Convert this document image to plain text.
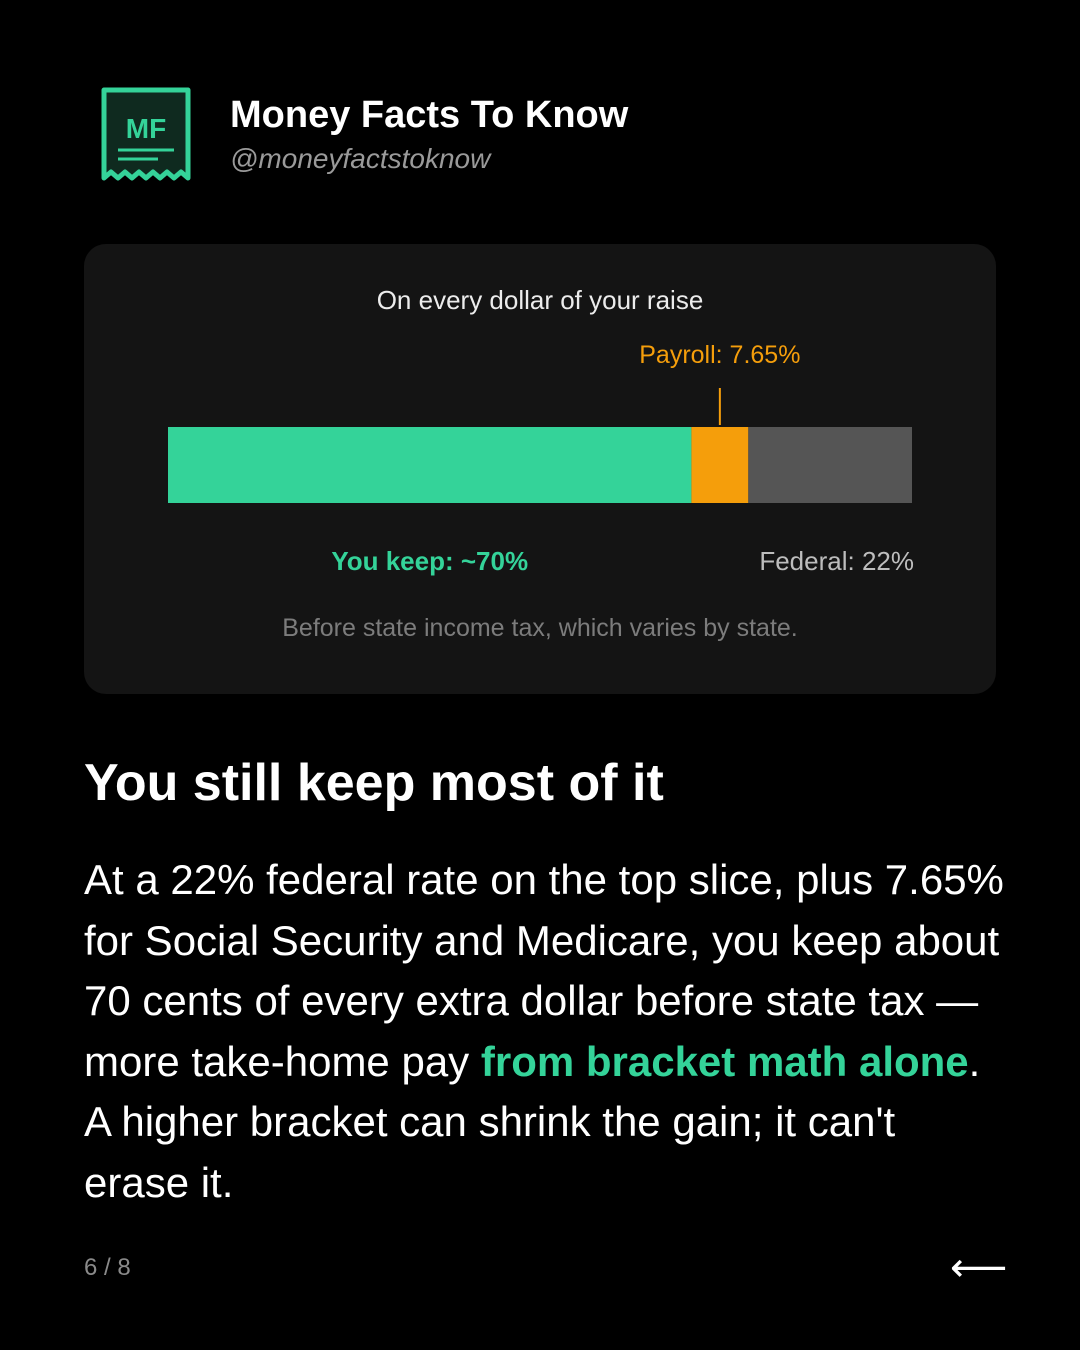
MF Money Facts To Know
@moneyfactstoknow
On every dollar of your raise
Payroll: 7.65%
You keep: ~70%	Federal: 22%
Before state income tax, which varies by state.
You still keep most of it

At a 22% federal rate on the top slice, plus 7.65% for Social Security and Medicare, you keep about 70 cents of every extra dollar before state tax — more take-home pay from bracket math alone. A higher bracket can shrink the gain; it can't erase it.

6 / 8	⟵
